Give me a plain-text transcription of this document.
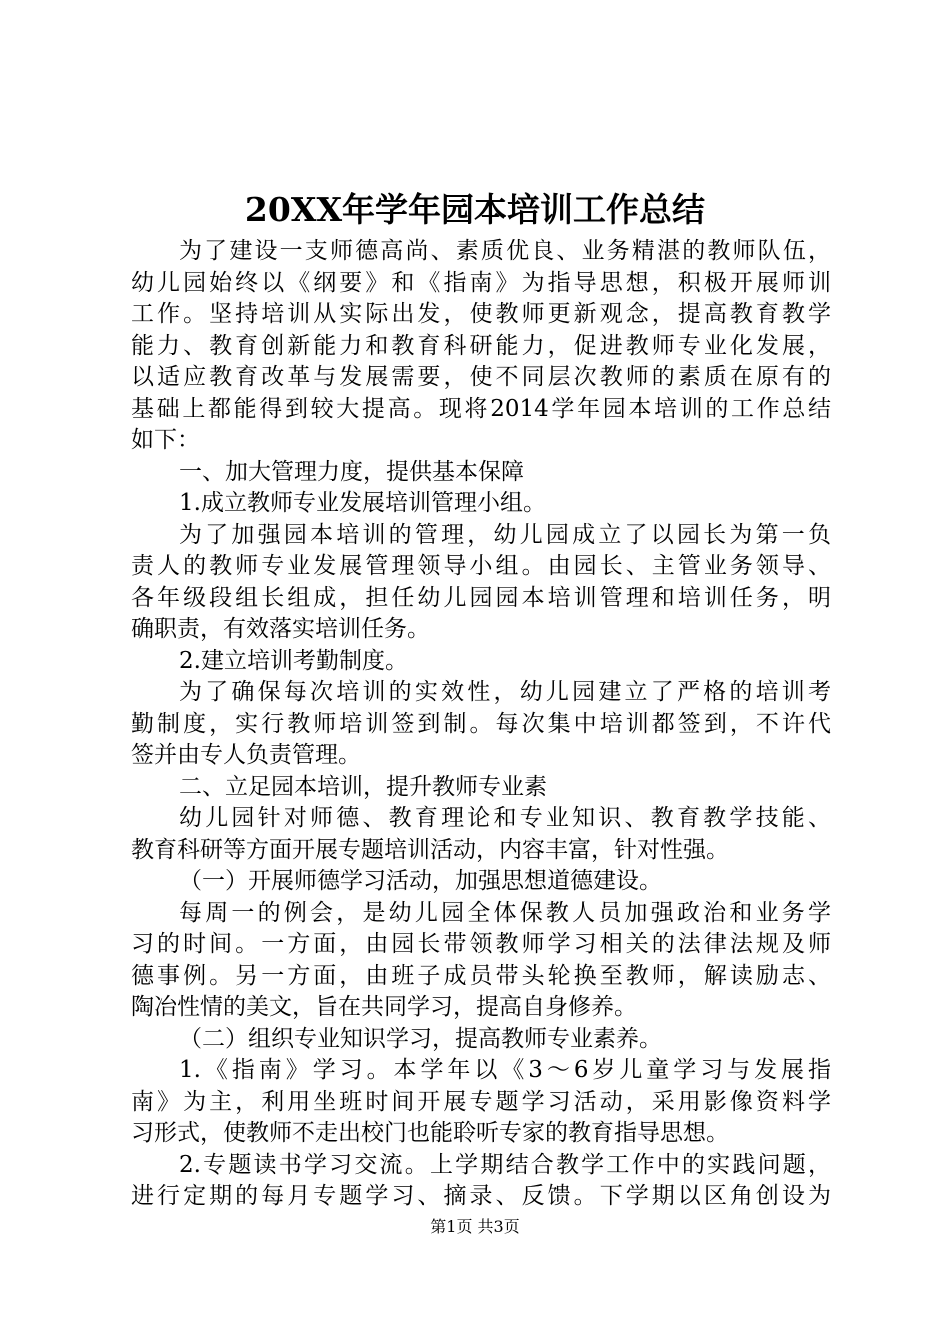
20XX年学年园本培训工作总结
为了建设一支师德高尚、素质优良、业务精湛的教师队伍，
幼儿园始终以《纲要》和《指南》为指导思想，积极开展师训
工作。坚持培训从实际出发，使教师更新观念，提高教育教学
能力、教育创新能力和教育科研能力，促进教师专业化发展，
以适应教育改革与发展需要，使不同层次教师的素质在原有的
基础上都能得到较大提高。现将2014学年园本培训的工作总结
如下：
一、加大管理力度，提供基本保障
1.成立教师专业发展培训管理小组。
为了加强园本培训的管理，幼儿园成立了以园长为第一负
责人的教师专业发展管理领导小组。由园长、主管业务领导、
各年级段组长组成，担任幼儿园园本培训管理和培训任务，明
确职责，有效落实培训任务。
2.建立培训考勤制度。
为了确保每次培训的实效性，幼儿园建立了严格的培训考
勤制度，实行教师培训签到制。每次集中培训都签到，不许代
签并由专人负责管理。
二、立足园本培训，提升教师专业素
幼儿园针对师德、教育理论和专业知识、教育教学技能、
教育科研等方面开展专题培训活动，内容丰富，针对性强。
（一）开展师德学习活动，加强思想道德建设。
每周一的例会，是幼儿园全体保教人员加强政治和业务学
习的时间。一方面，由园长带领教师学习相关的法律法规及师
德事例。另一方面，由班子成员带头轮换至教师，解读励志、
陶冶性情的美文，旨在共同学习，提高自身修养。
（二）组织专业知识学习，提高教师专业素养。
1.《指南》学习。本学年以《3～6岁儿童学习与发展指
南》为主，利用坐班时间开展专题学习活动，采用影像资料学
习形式，使教师不走出校门也能聆听专家的教育指导思想。
2.专题读书学习交流。上学期结合教学工作中的实践问题，
进行定期的每月专题学习、摘录、反馈。下学期以区角创设为
第1页 共3页
